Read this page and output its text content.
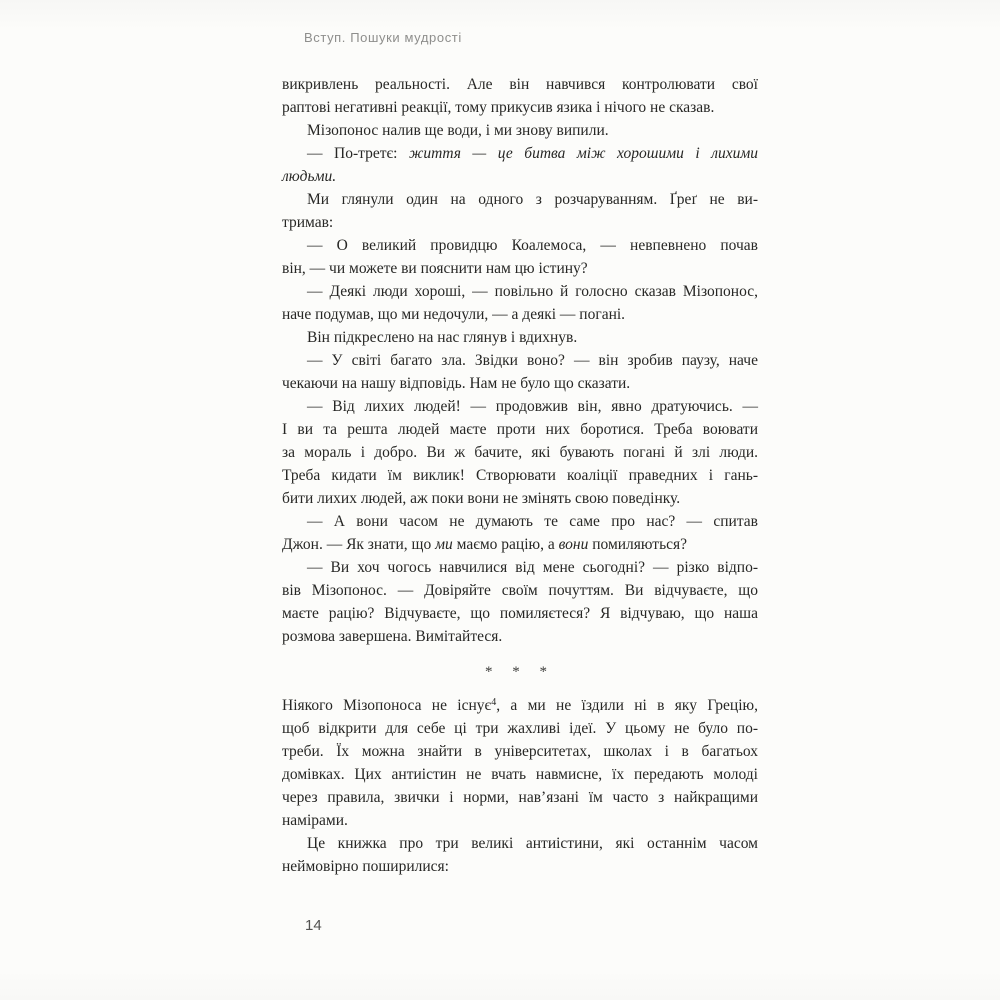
Вступ. Пошуки мудрості
викривлень реальності. Але він навчився контролювати свої
раптові негативні реакції, тому прикусив язика і нічого не сказав.
Мізопонос налив ще води, і ми знову випили.
— По-третє: життя — це битва між хорошими і лихими
людьми.
Ми глянули один на одного з розчаруванням. Ґреґ не ви-
тримав:
— О великий провидцю Коалемоса, — невпевнено почав
він, — чи можете ви пояснити нам цю істину?
— Деякі люди хороші, — повільно й голосно сказав Мізопонос,
наче подумав, що ми недочули, — а деякі — погані.
Він підкреслено на нас глянув і вдихнув.
— У світі багато зла. Звідки воно? — він зробив паузу, наче
чекаючи на нашу відповідь. Нам не було що сказати.
— Від лихих людей! — продовжив він, явно дратуючись. —
І ви та решта людей маєте проти них боротися. Треба воювати
за мораль і добро. Ви ж бачите, які бувають погані й злі люди.
Треба кидати їм виклик! Створювати коаліції праведних і гань-
бити лихих людей, аж поки вони не змінять свою поведінку.
— А вони часом не думають те саме про нас? — спитав
Джон. — Як знати, що ми маємо рацію, а вони помиляються?
— Ви хоч чогось навчилися від мене сьогодні? — різко відпо-
вів Мізопонос. — Довіряйте своїм почуттям. Ви відчуваєте, що
маєте рацію? Відчуваєте, що помиляєтеся? Я відчуваю, що наша
розмова завершена. Вимітайтеся.
* * *
Ніякого Мізопоноса не існує$^4$, а ми не їздили ні в яку Грецію,
щоб відкрити для себе ці три жахливі ідеї. У цьому не було по-
треби. Їх можна знайти в університетах, школах і в багатьох
домівках. Цих антиістин не вчать навмисне, їх передають молоді
через правила, звички і норми, нав’язані їм часто з найкращими
намірами.
Це книжка про три великі антиістини, які останнім часом
неймовірно поширилися:
14
